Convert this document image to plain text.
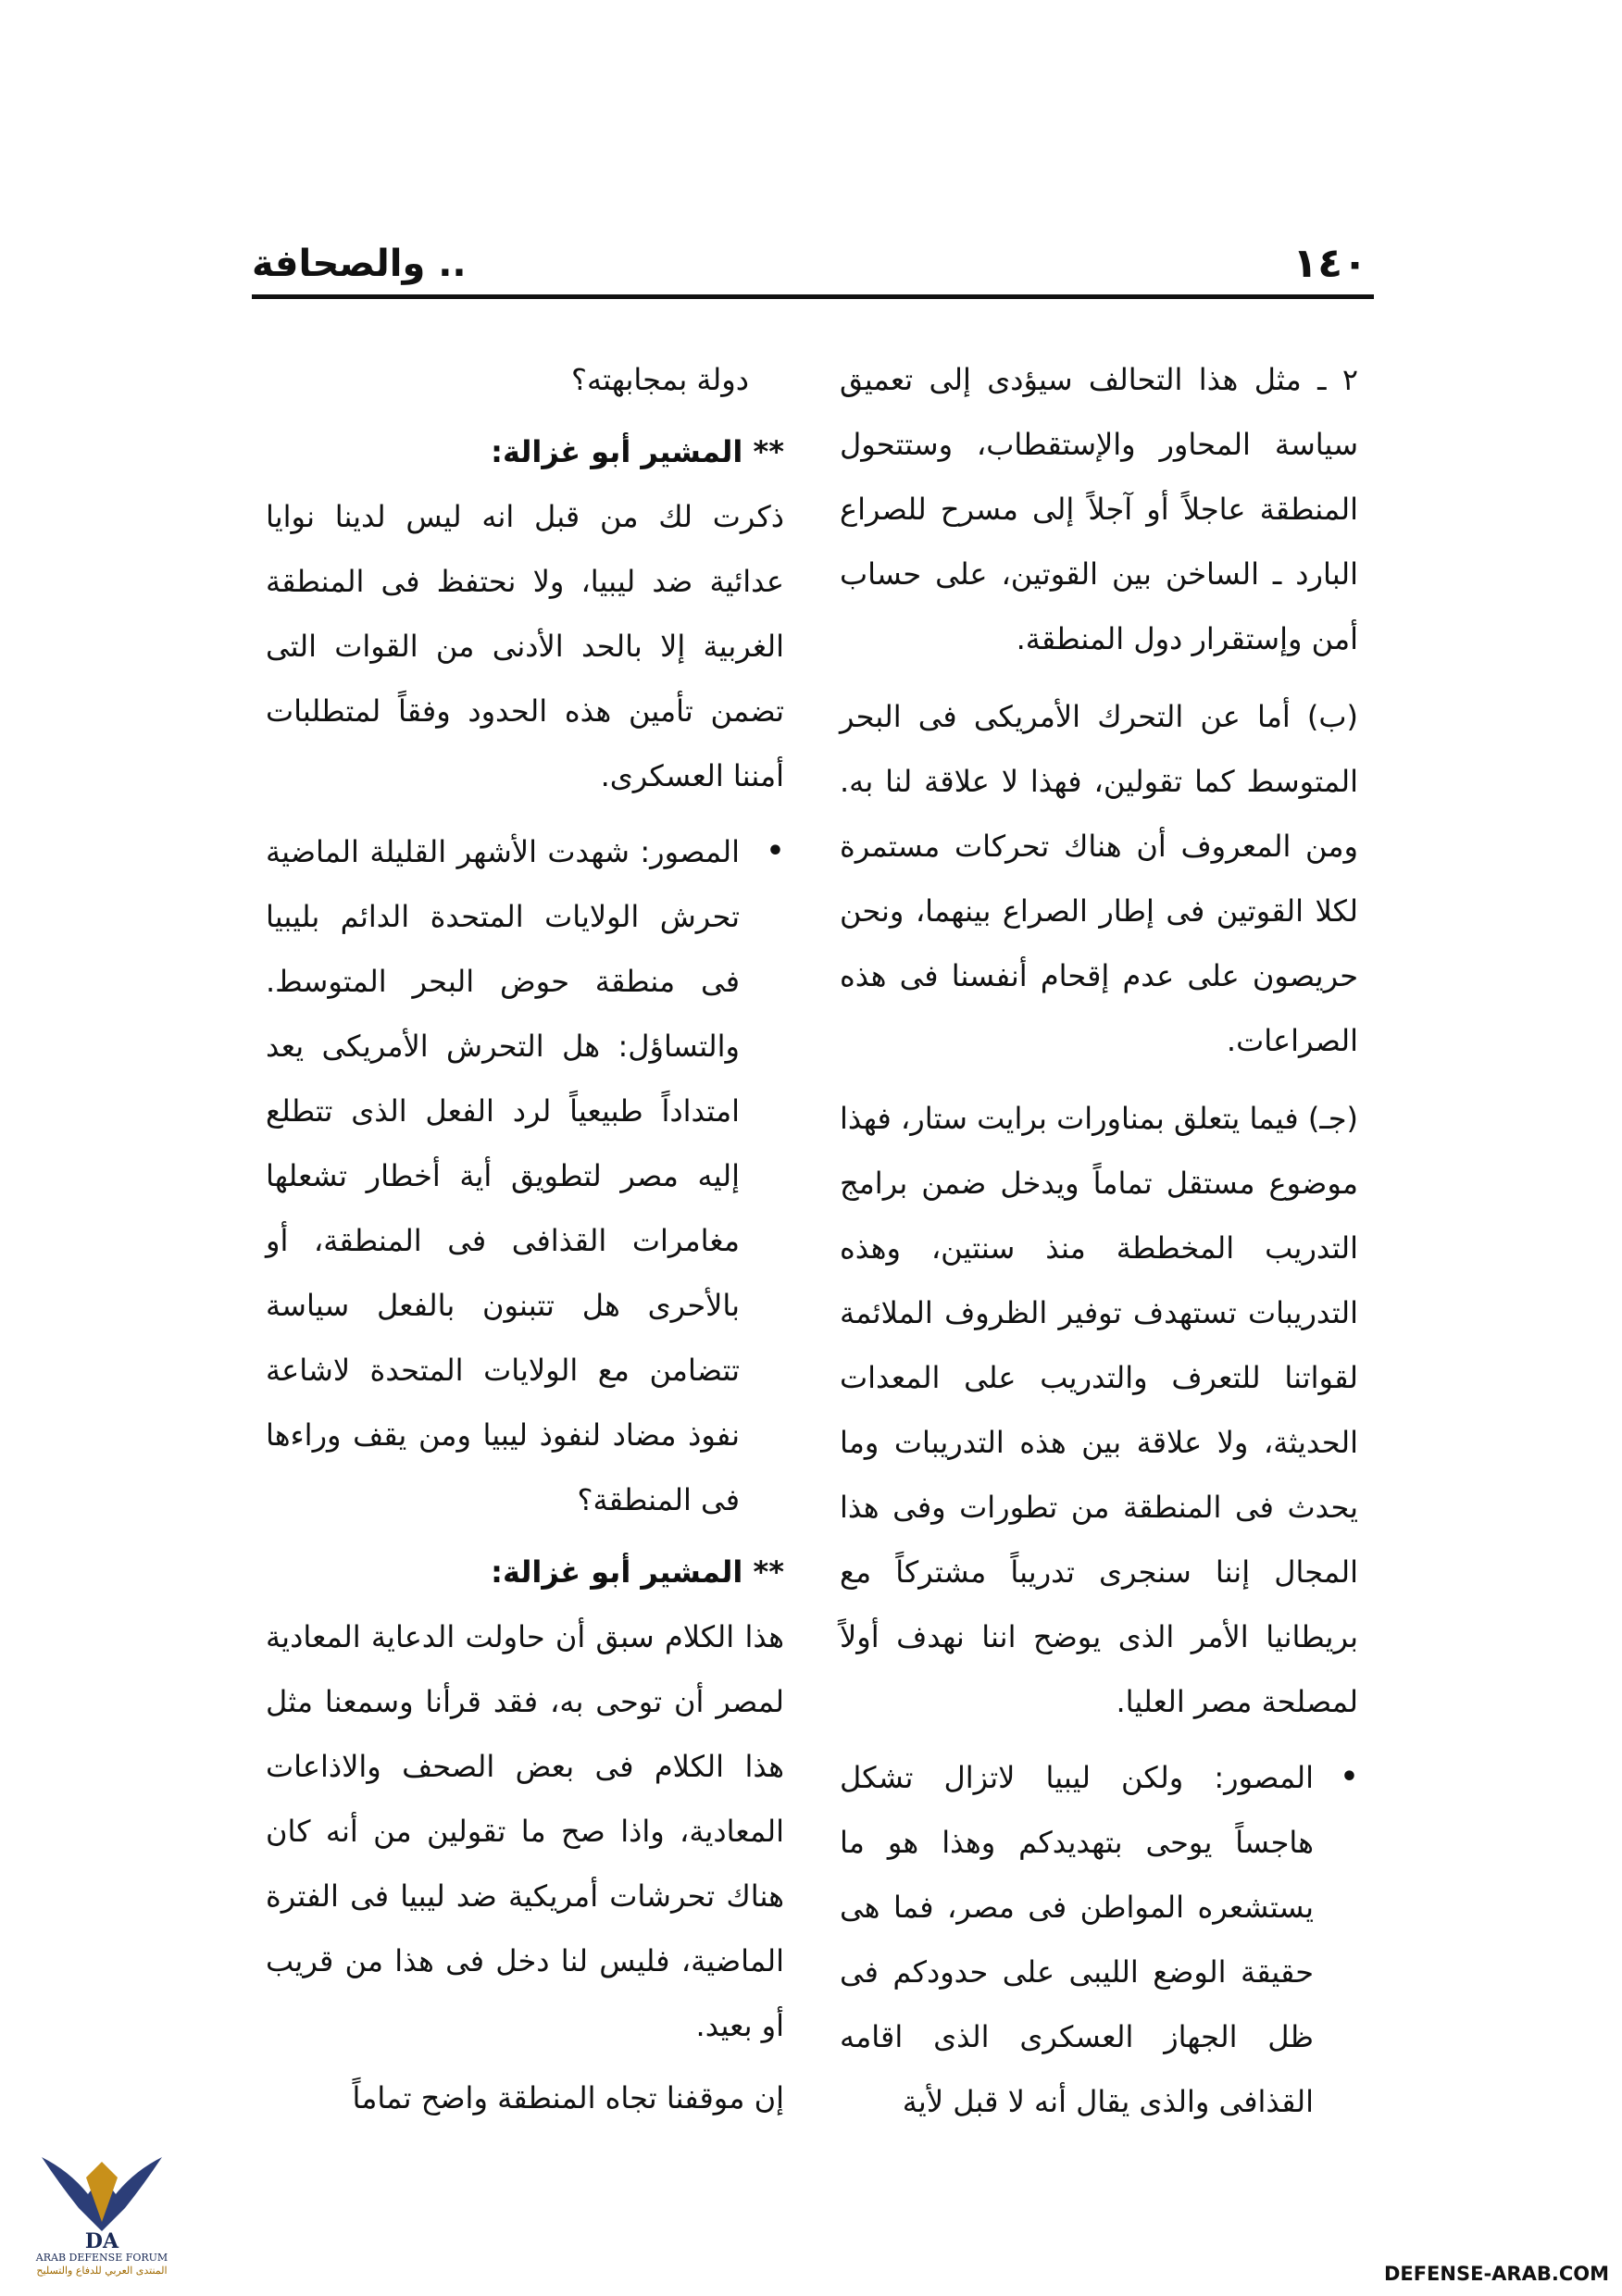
١٤٠
.. والصحافة

٢ ـ مثل هذا التحالف سيؤدى إلى تعميق سياسة المحاور والإستقطاب، وستتحول المنطقة عاجلاً أو آجلاً إلى مسرح للصراع البارد ـ الساخن بين القوتين، على حساب أمن وإستقرار دول المنطقة.

(ب) أما عن التحرك الأمريكى فى البحر المتوسط كما تقولين، فهذا لا علاقة لنا به. ومن المعروف أن هناك تحركات مستمرة لكلا القوتين فى إطار الصراع بينهما، ونحن حريصون على عدم إقحام أنفسنا فى هذه الصراعات.

(جـ) فيما يتعلق بمناورات برايت ستار، فهذا موضوع مستقل تماماً ويدخل ضمن برامج التدريب المخططة منذ سنتين، وهذه التدريبات تستهدف توفير الظروف الملائمة لقواتنا للتعرف والتدريب على المعدات الحديثة، ولا علاقة بين هذه التدريبات وما يحدث فى المنطقة من تطورات وفى هذا المجال إننا سنجرى تدريباً مشتركاً مع بريطانيا الأمر الذى يوضح اننا نهدف أولاً لمصلحة مصر العليا.

•
المصور: ولكن ليبيا لاتزال تشكل هاجساً يوحى بتهديدكم وهذا هو ما يستشعره المواطن فى مصر، فما هى حقيقة الوضع الليبى على حدودكم فى ظل الجهاز العسكرى الذى اقامه القذافى والذى يقال أنه لا قبل لأية

دولة بمجابهته؟

** المشير أبو غزالة:

ذكرت لك من قبل انه ليس لدينا نوايا عدائية ضد ليبيا، ولا نحتفظ فى المنطقة الغربية إلا بالحد الأدنى من القوات التى تضمن تأمين هذه الحدود وفقاً لمتطلبات أمننا العسكرى.

•
المصور: شهدت الأشهر القليلة الماضية تحرش الولايات المتحدة الدائم بليبيا فى منطقة حوض البحر المتوسط. والتساؤل: هل التحرش الأمريكى يعد امتداداً طبيعياً لرد الفعل الذى تتطلع إليه مصر لتطويق أية أخطار تشعلها مغامرات القذافى فى المنطقة، أو بالأحرى هل تتبنون بالفعل سياسة تتضامن مع الولايات المتحدة لاشاعة نفوذ مضاد لنفوذ ليبيا ومن يقف وراءها فى المنطقة؟

** المشير أبو غزالة:

هذا الكلام سبق أن حاولت الدعاية المعادية لمصر أن توحى به، فقد قرأنا وسمعنا مثل هذا الكلام فى بعض الصحف والاذاعات المعادية، واذا صح ما تقولين من أنه كان هناك تحرشات أمريكية ضد ليبيا فى الفترة الماضية، فليس لنا دخل فى هذا من قريب أو بعيد.

إن موقفنا تجاه المنطقة واضح تماماً

DA
ARAB DEFENSE FORUM
المنتدى العربي للدفاع والتسليح	DEFENSE-ARAB.COM
